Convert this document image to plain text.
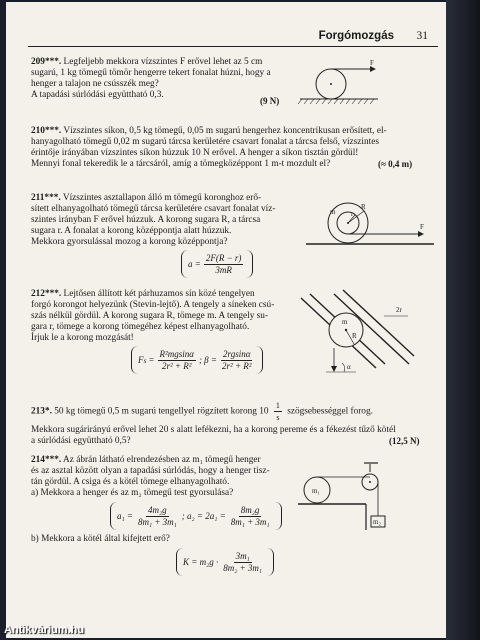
Forgómozgás 31
209***. Legfeljebb mekkora vízszintes F erővel lehet az 5 cm
sugarú, 1 kg tömegű tömör hengerre tekert fonalat húzni, hogy a
henger a talajon ne csússzék meg?
A tapadási súrlódási együttható 0,3.
(9 N)
F
210***. Vízszintes síkon, 0,5 kg tömegű, 0,05 m sugarú hengerhez koncentrikusan erősített, el-
hanyagolható tömegű 0,02 m sugarú tárcsa kerületére csavart fonalat a tárcsa felső, vízszintes
érintője irányában vízszintes síkon húzzuk 10 N erővel. A henger a síkon tisztán gördül!
Mennyi fonal tekeredik le a tárcsáról, amíg a tömegközéppont 1 m-t mozdult el?	(≈ 0,4 m)
211***. Vízszintes asztallapon álló m tömegű koronghoz erő-
sített elhanyagolható tömegű tárcsa kerületére csavart fonalat víz-
szintes irányban F erővel húzzuk. A korong sugara R, a tárcsa
sugara r. A fonalat a korong középpontja alatt húzzuk.
Mekkora gyorsulással mozog a korong középpontja?
$a = \frac{2F(R - r)}{3mR}$
r
R
m
F
212***. Lejtősen állított két párhuzamos sín közé tengelyen
forgó korongot helyezünk (Stevin-lejtő). A tengely a síneken csú-
szás nélkül gördül. A korong sugara R, tömege m. A tengely su-
gara r, tömege a korong tömegéhez képest elhanyagolható.
Írjuk le a korong mozgását!
F $s = \frac{\text{R²mgsinα}}{\text{2r² + R²}}$ ; $\beta = \frac{2rgsin\alpha}{\text{2r² + R²}}$
m
R
2r
α
213*. 50 kg tömegű 0,5 m sugarú tengellyel rögzített korong $10 \frac{1}{s}$ szögsebességgel forog.
Mekkora sugárirányú erővel lehet 20 s alatt lefékezni, ha a korong pereme és a fékezést tűző kötél
a súrlódási együttható 0,5?	(12,5 N)
214***. Az ábrán látható elrendezésben az m₁ tömegű henger
és az asztal között olyan a tapadási súrlódás, hogy a henger tisz-
tán gördül. A csiga és a kötél tömege elhanyagolható.
a) Mekkora a henger és az m₂ tömegű test gyorsulása?
$a_1 = \frac{\text{4m₂g}}{\text{8m₁ + 3m₁}}$ ; $a_2 = 2a_1 = \frac{\text{8m₂g}}{\text{8m₁ + 3m₁}}$
b) Mekkora a kötél által kifejtett erő?
$K = m_2g \cdot \frac{\text{3m₁}}{\text{8m₂ + 3m₁}}$
m₁
m₂
Antikvárium.hu
